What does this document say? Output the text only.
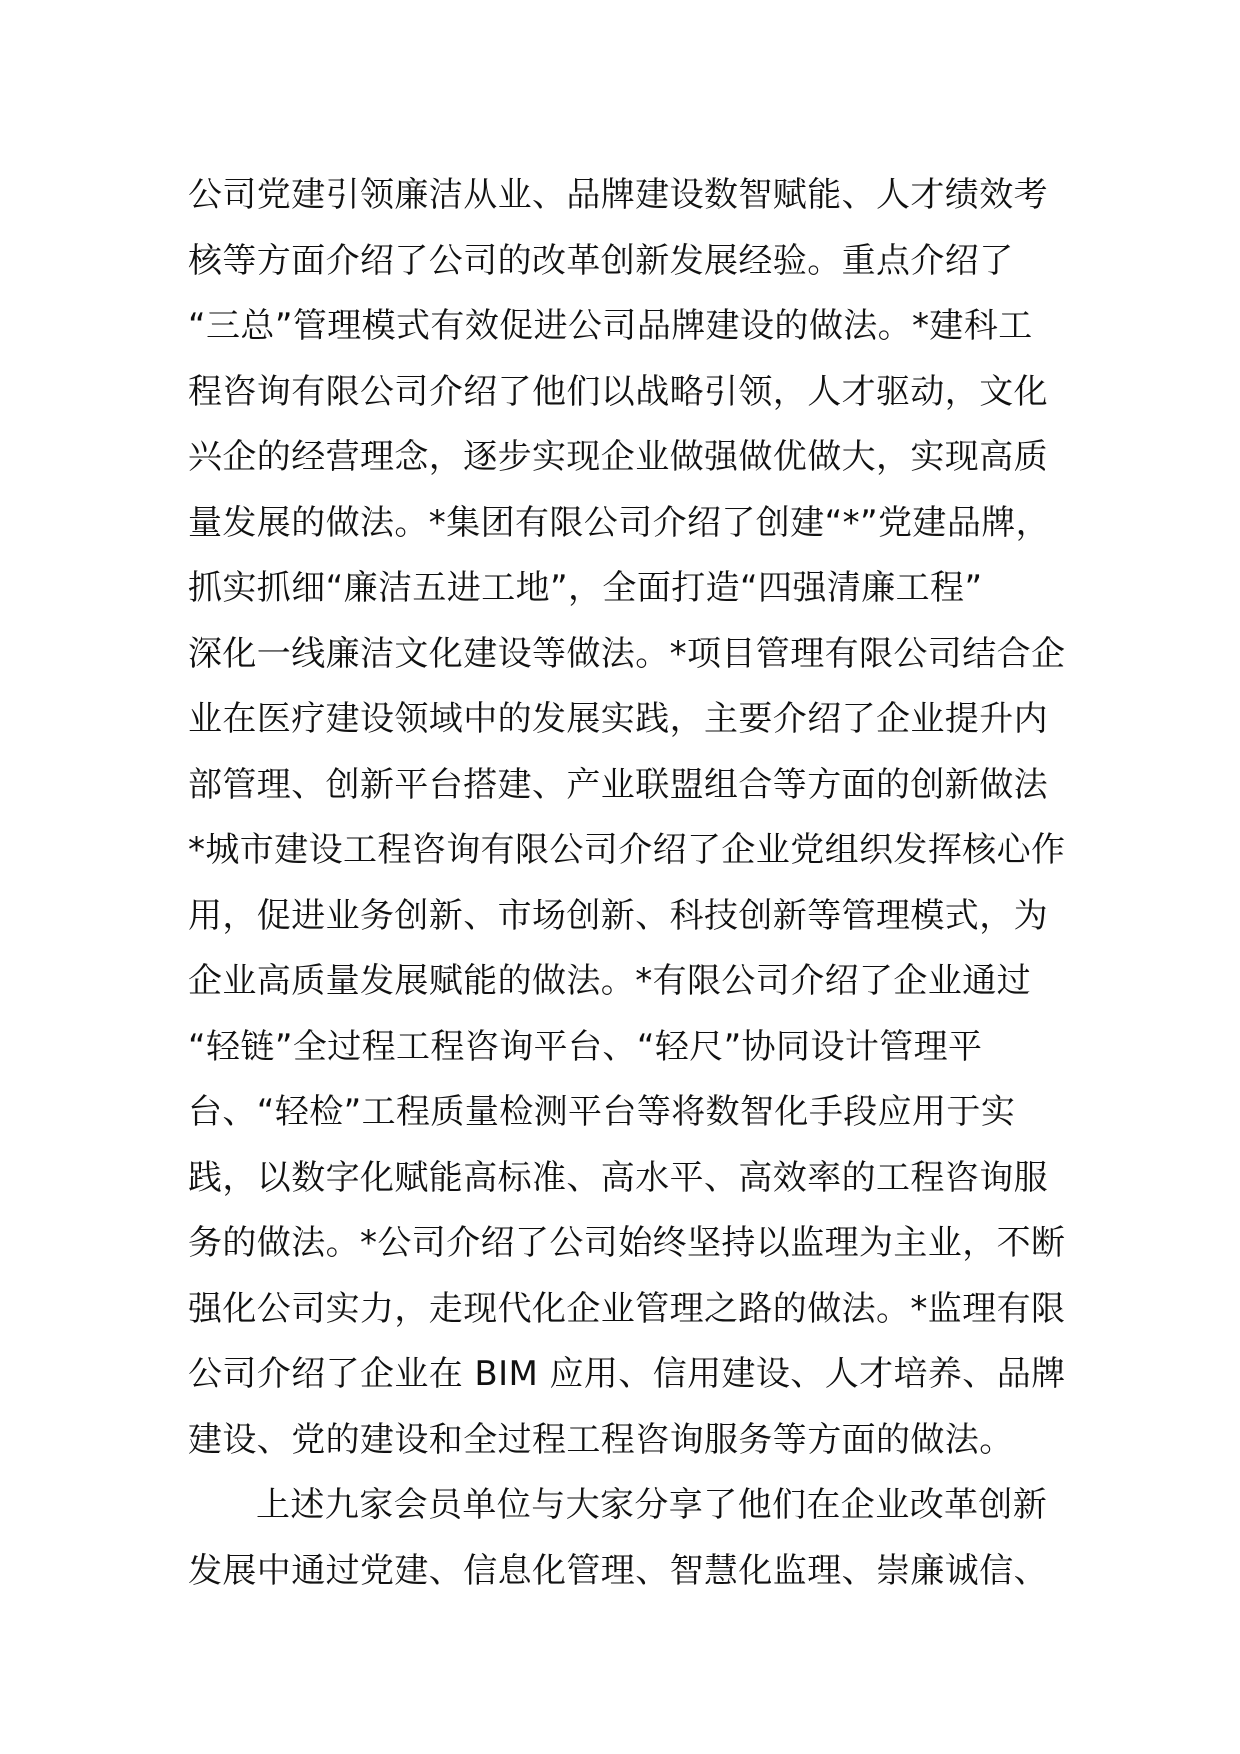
公司党建引领廉洁从业、品牌建设数智赋能、人才绩效考
核等方面介绍了公司的改革创新发展经验。重点介绍了
“三总”管理模式有效促进公司品牌建设的做法。*建科工
程咨询有限公司介绍了他们以战略引领，人才驱动，文化
兴企的经营理念，逐步实现企业做强做优做大，实现高质
量发展的做法。*集团有限公司介绍了创建“*”党建品牌，
抓实抓细“廉洁五进工地”，全面打造“四强清廉工程”
深化一线廉洁文化建设等做法。*项目管理有限公司结合企
业在医疗建设领域中的发展实践，主要介绍了企业提升内
部管理、创新平台搭建、产业联盟组合等方面的创新做法
*城市建设工程咨询有限公司介绍了企业党组织发挥核心作
用，促进业务创新、市场创新、科技创新等管理模式，为
企业高质量发展赋能的做法。*有限公司介绍了企业通过
“轻链”全过程工程咨询平台、“轻尺”协同设计管理平
台、“轻检”工程质量检测平台等将数智化手段应用于实
践，以数字化赋能高标准、高水平、高效率的工程咨询服
务的做法。*公司介绍了公司始终坚持以监理为主业，不断
强化公司实力，走现代化企业管理之路的做法。*监理有限
公司介绍了企业在 BIM 应用、信用建设、人才培养、品牌
建设、党的建设和全过程工程咨询服务等方面的做法。
上述九家会员单位与大家分享了他们在企业改革创新
发展中通过党建、信息化管理、智慧化监理、崇廉诚信、
